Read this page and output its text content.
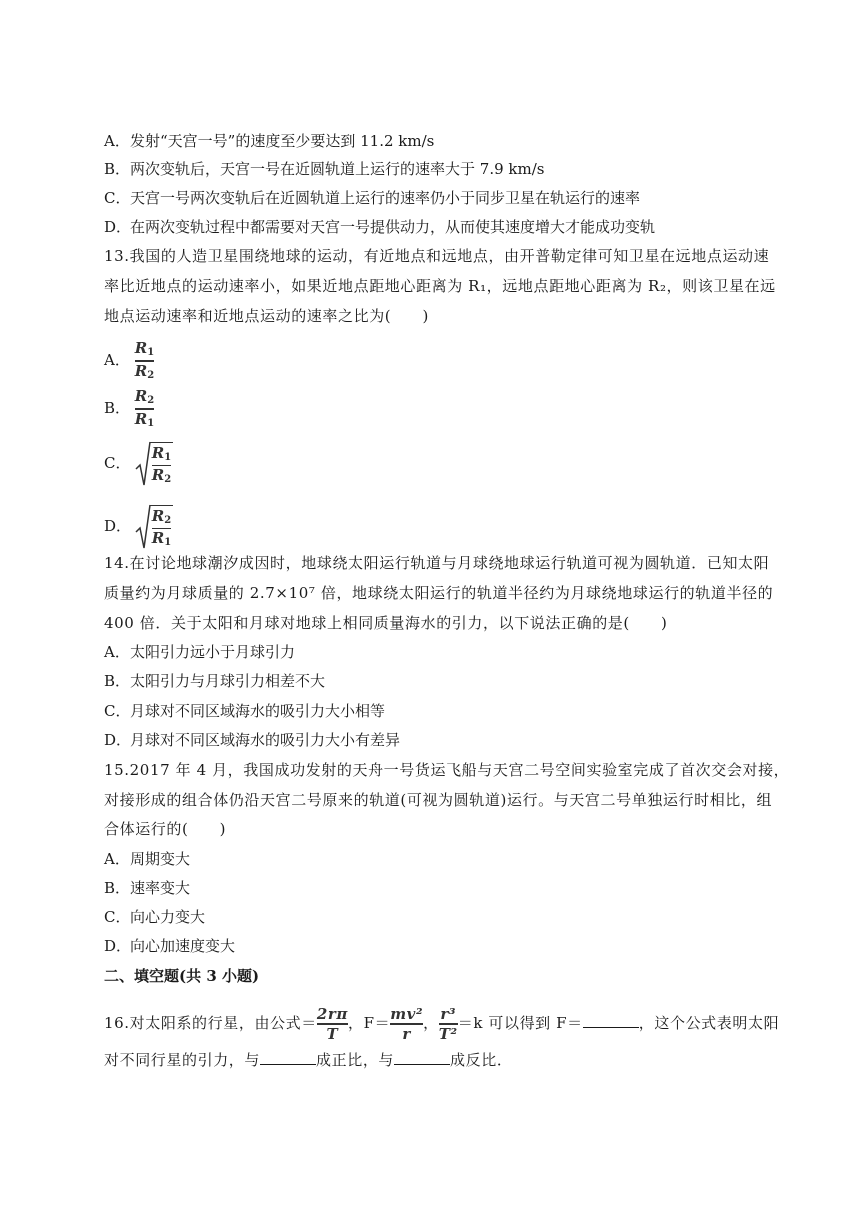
A．发射“天宫一号”的速度至少要达到 11.2 km/s
B．两次变轨后，天宫一号在近圆轨道上运行的速率大于 7.9 km/s
C．天宫一号两次变轨后在近圆轨道上运行的速率仍小于同步卫星在轨运行的速率
D．在两次变轨过程中都需要对天宫一号提供动力，从而使其速度增大才能成功变轨
13.我国的人造卫星围绕地球的运动，有近地点和远地点，由开普勒定律可知卫星在远地点运动速
率比近地点的运动速率小，如果近地点距地心距离为 R₁，远地点距地心距离为 R₂，则该卫星在远
地点运动速率和近地点运动的速率之比为(　　)
A． $\frac{R_1}{R_2}$
B． $\frac{R_2}{R_1}$
C． $\frac{R_1}{R_2}$
D． $\frac{R_2}{R_1}$
14.在讨论地球潮汐成因时，地球绕太阳运行轨道与月球绕地球运行轨道可视为圆轨道．已知太阳
质量约为月球质量的 2.7×10⁷ 倍，地球绕太阳运行的轨道半径约为月球绕地球运行的轨道半径的
400 倍．关于太阳和月球对地球上相同质量海水的引力，以下说法正确的是(　　)
A．太阳引力远小于月球引力
B．太阳引力与月球引力相差不大
C．月球对不同区域海水的吸引力大小相等
D．月球对不同区域海水的吸引力大小有差异
15.2017 年 4 月，我国成功发射的天舟一号货运飞船与天宫二号空间实验室完成了首次交会对接，
对接形成的组合体仍沿天宫二号原来的轨道(可视为圆轨道)运行。与天宫二号单独运行时相比，组
合体运行的(　　)
A．周期变大
B．速率变大
C．向心力变大
D．向心加速度变大
二、填空题(共 3 小题)
16.对太阳系的行星，由公式＝ $\frac{2r\pi}{T}$ ，$F= \frac{\text{mv²}}{r}$ ， $\frac{\text{r³}}{\text{T²}} =k$ 可以得到 F＝	，这个公式表明太阳
对不同行星的引力，与	成正比，与	成反比．
